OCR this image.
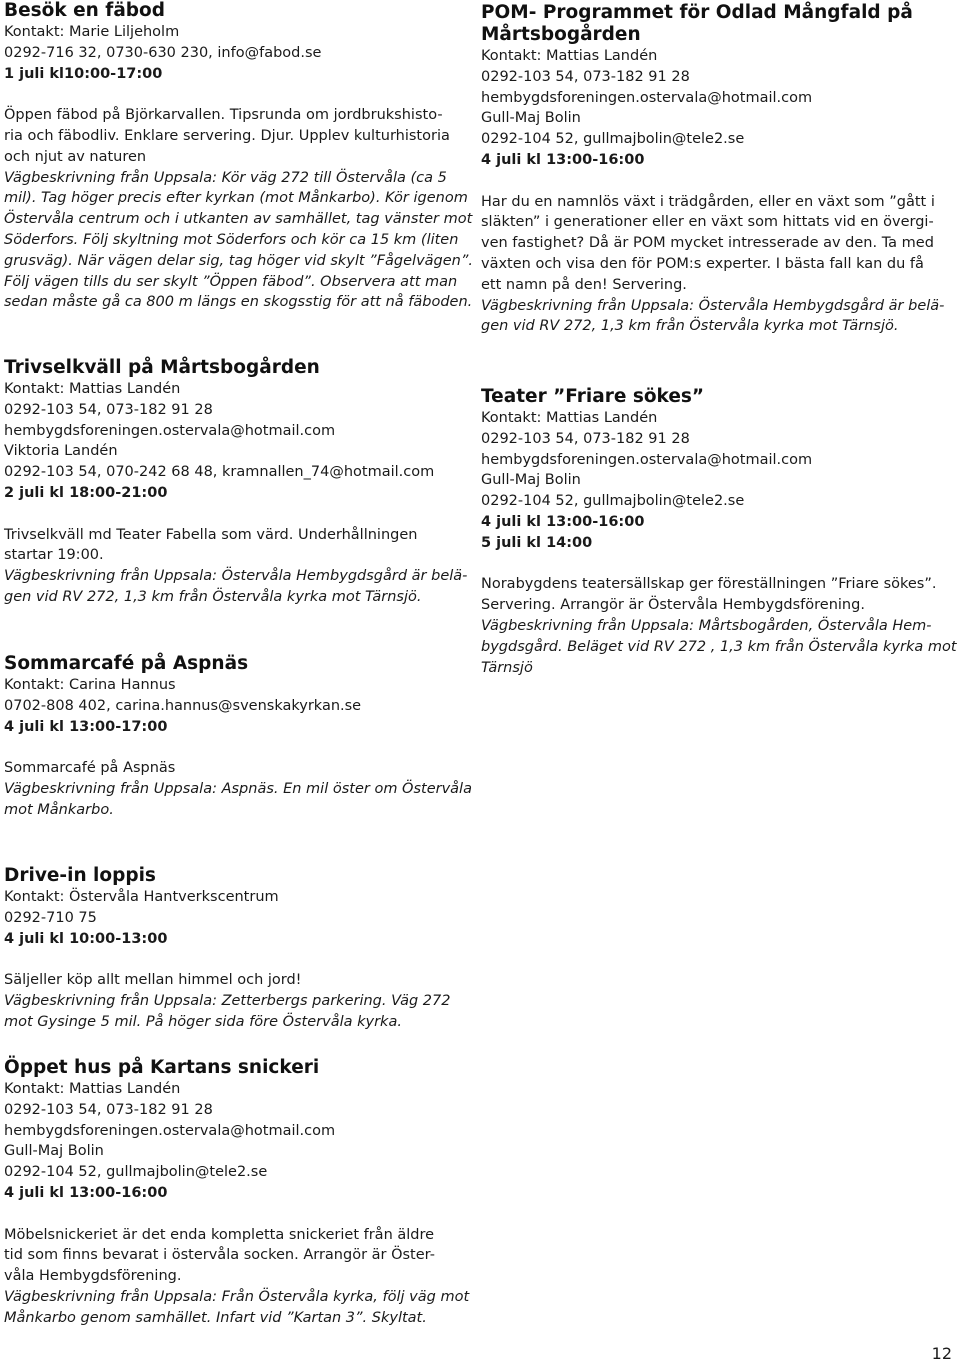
Besök en fäbod
Kontakt: Marie Liljeholm
0292-716 32, 0730-630 230, info@fabod.se
1 juli kl10:00-17:00
Öppen fäbod på Björkarvallen. Tipsrunda om jordbrukshisto-
ria och fäbodliv. Enklare servering. Djur. Upplev kulturhistoria
och njut av naturen
Vägbeskrivning från Uppsala: Kör väg 272 till Östervåla (ca 5
mil). Tag höger precis efter kyrkan (mot Månkarbo). Kör igenom
Östervåla centrum och i utkanten av samhället, tag vänster mot
Söderfors. Följ skyltning mot Söderfors och kör ca 15 km (liten
grusväg). När vägen delar sig, tag höger vid skylt ”Fågelvägen”.
Följ vägen tills du ser skylt ”Öppen fäbod”. Observera att man
sedan måste gå ca 800 m längs en skogsstig för att nå fäboden.
Trivselkväll på Mårtsbogården
Kontakt: Mattias Landén
0292-103 54, 073-182 91 28
hembygdsforeningen.ostervala@hotmail.com
Viktoria Landén
0292-103 54, 070-242 68 48, kramnallen_74@hotmail.com
2 juli kl 18:00-21:00
Trivselkväll md Teater Fabella som värd. Underhållningen
startar 19:00.
Vägbeskrivning från Uppsala: Östervåla Hembygdsgård är belä-
gen vid RV 272, 1,3 km från Östervåla kyrka mot Tärnsjö.
Sommarcafé på Aspnäs
Kontakt: Carina Hannus
0702-808 402, carina.hannus@svenskakyrkan.se
4 juli kl 13:00-17:00
Sommarcafé på Aspnäs
Vägbeskrivning från Uppsala: Aspnäs. En mil öster om Östervåla
mot Månkarbo.
Drive-in loppis
Kontakt: Östervåla Hantverkscentrum
0292-710 75
4 juli kl 10:00-13:00
Säljeller köp allt mellan himmel och jord!
Vägbeskrivning från Uppsala: Zetterbergs parkering. Väg 272
mot Gysinge 5 mil. På höger sida före Östervåla kyrka.
Öppet hus på Kartans snickeri
Kontakt: Mattias Landén
0292-103 54, 073-182 91 28
hembygdsforeningen.ostervala@hotmail.com
Gull-Maj Bolin
0292-104 52, gullmajbolin@tele2.se
4 juli kl 13:00-16:00
Möbelsnickeriet är det enda kompletta snickeriet från äldre
tid som finns bevarat i östervåla socken. Arrangör är Öster-
våla Hembygdsförening.
Vägbeskrivning från Uppsala: Från Östervåla kyrka, följ väg mot
Månkarbo genom samhället. Infart vid ”Kartan 3”. Skyltat.
POM- Programmet för Odlad Mångfald på
Mårtsbogården
Kontakt: Mattias Landén
0292-103 54, 073-182 91 28
hembygdsforeningen.ostervala@hotmail.com
Gull-Maj Bolin
0292-104 52, gullmajbolin@tele2.se
4 juli kl 13:00-16:00
Har du en namnlös växt i trädgården, eller en växt som ”gått i
släkten” i generationer eller en växt som hittats vid en övergi-
ven fastighet? Då är POM mycket intresserade av den. Ta med
växten och visa den för POM:s experter. I bästa fall kan du få
ett namn på den! Servering.
Vägbeskrivning från Uppsala: Östervåla Hembygdsgård är belä-
gen vid RV 272, 1,3 km från Östervåla kyrka mot Tärnsjö.
Teater ”Friare sökes”
Kontakt: Mattias Landén
0292-103 54, 073-182 91 28
hembygdsforeningen.ostervala@hotmail.com
Gull-Maj Bolin
0292-104 52, gullmajbolin@tele2.se
4 juli kl 13:00-16:00
5 juli kl 14:00
Norabygdens teatersällskap ger föreställningen ”Friare sökes”.
Servering. Arrangör är Östervåla Hembygdsförening.
Vägbeskrivning från Uppsala: Mårtsbogården, Östervåla Hem-
bygdsgård. Beläget vid RV 272 , 1,3 km från Östervåla kyrka mot
Tärnsjö
12
